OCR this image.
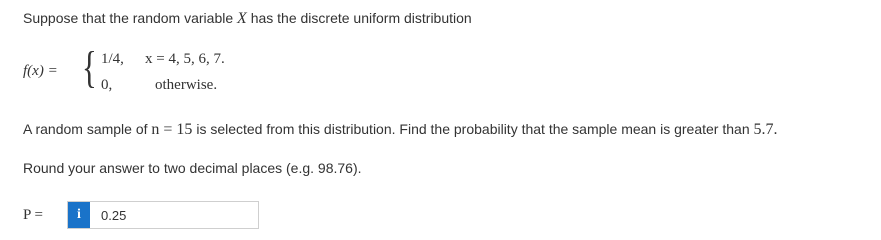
Suppose that the random variable X has the discrete uniform distribution
f(x) = { 1/4, x = 4, 5, 6, 7.
0,	otherwise.
A random sample of n = 15 is selected from this distribution. Find the probability that the sample mean is greater than 5.7.
Round your answer to two decimal places (e.g. 98.76).
P =	i	0.25
